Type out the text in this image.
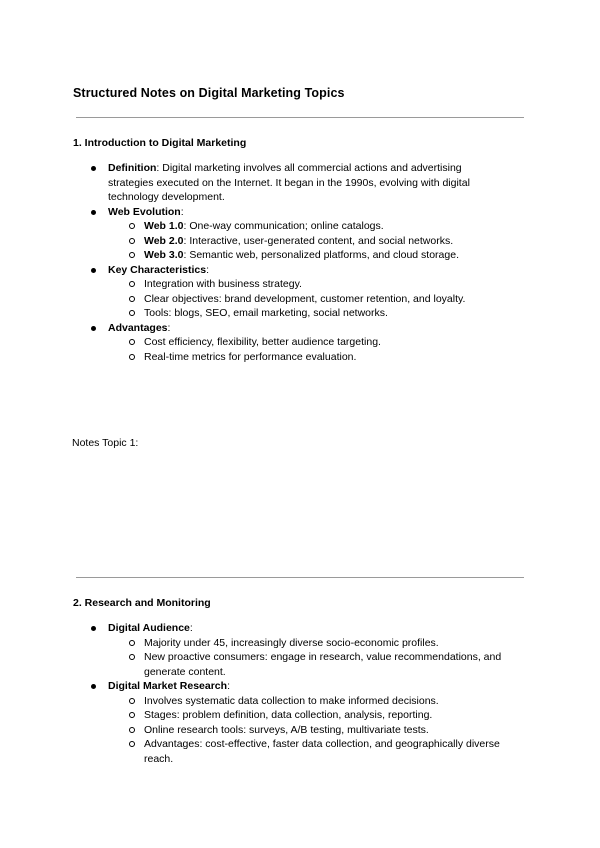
Structured Notes on Digital Marketing Topics
1. Introduction to Digital Marketing
Definition: Digital marketing involves all commercial actions and advertising strategies executed on the Internet. It began in the 1990s, evolving with digital technology development.
Web Evolution:
Web 1.0: One-way communication; online catalogs.
Web 2.0: Interactive, user-generated content, and social networks.
Web 3.0: Semantic web, personalized platforms, and cloud storage.
Key Characteristics:
Integration with business strategy.
Clear objectives: brand development, customer retention, and loyalty.
Tools: blogs, SEO, email marketing, social networks.
Advantages:
Cost efficiency, flexibility, better audience targeting.
Real-time metrics for performance evaluation.
Notes Topic 1:
2. Research and Monitoring
Digital Audience:
Majority under 45, increasingly diverse socio-economic profiles.
New proactive consumers: engage in research, value recommendations, and generate content.
Digital Market Research:
Involves systematic data collection to make informed decisions.
Stages: problem definition, data collection, analysis, reporting.
Online research tools: surveys, A/B testing, multivariate tests.
Advantages: cost-effective, faster data collection, and geographically diverse reach.
